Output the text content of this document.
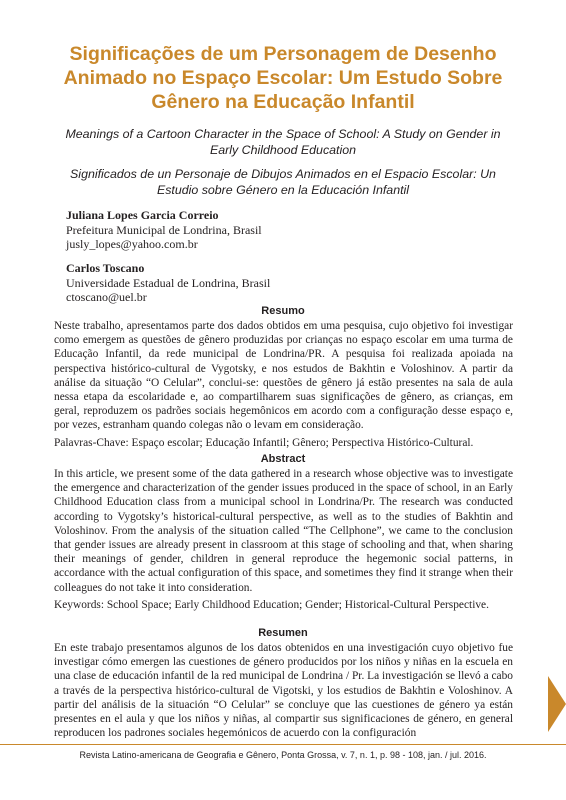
Significações de um Personagem de Desenho Animado no Espaço Escolar: Um Estudo Sobre Gênero na Educação Infantil

Meanings of a Cartoon Character in the Space of School: A Study on Gender in Early Childhood Education

Significados de un Personaje de Dibujos Animados en el Espacio Escolar: Un Estudio sobre Género en la Educación Infantil

Juliana Lopes Garcia Correio
Prefeitura Municipal de Londrina, Brasil
jusly_lopes@yahoo.com.br
Carlos Toscano
Universidade Estadual de Londrina, Brasil
ctoscano@uel.br
Resumo

Neste trabalho, apresentamos parte dos dados obtidos em uma pesquisa, cujo objetivo foi investigar como emergem as questões de gênero produzidas por crianças no espaço escolar em uma turma de Educação Infantil, da rede municipal de Londrina/PR. A pesquisa foi realizada apoiada na perspectiva histórico-cultural de Vygotsky, e nos estudos de Bakhtin e Voloshinov. A partir da análise da situação “O Celular”, conclui-se: questões de gênero já estão presentes na sala de aula nessa etapa da escolaridade e, ao compartilharem suas significações de gênero, as crianças, em geral, reproduzem os padrões sociais hegemônicos em acordo com a configuração desse espaço e, por vezes, estranham quando colegas não o levam em consideração.

Palavras-Chave: Espaço escolar; Educação Infantil; Gênero; Perspectiva Histórico-Cultural.

Abstract

In this article, we present some of the data gathered in a research whose objective was to investigate the emergence and characterization of the gender issues produced in the space of school, in an Early Childhood Education class from a municipal school in Londrina/Pr. The research was conducted according to Vygotsky’s historical-cultural perspective, as well as to the studies of Bakhtin and Voloshinov. From the analysis of the situation called “The Cellphone”, we came to the conclusion that gender issues are already present in classroom at this stage of schooling and that, when sharing their meanings of gender, children in general reproduce the hegemonic social patterns, in accordance with the actual configuration of this space, and sometimes they find it strange when their colleagues do not take it into consideration.

Keywords: School Space; Early Childhood Education; Gender; Historical-Cultural Perspective.

Resumen

En este trabajo presentamos algunos de los datos obtenidos en una investigación cuyo objetivo fue investigar cómo emergen las cuestiones de género producidos por los niños y niñas en la escuela en una clase de educación infantil de la red municipal de Londrina / Pr. La investigación se llevó a cabo a través de la perspectiva histórico-cultural de Vigotski, y los estudios de Bakhtin e Voloshinov. A partir del análisis de la situación “O Celular” se concluye que las cuestiones de género ya están presentes en el aula y que los niños y niñas, al compartir sus significaciones de género, en general reproducen los padrones sociales hegemónicos de acuerdo con la configuración

Revista Latino-americana de Geografia e Gênero, Ponta Grossa, v. 7, n. 1, p. 98 - 108, jan. / jul. 2016.
